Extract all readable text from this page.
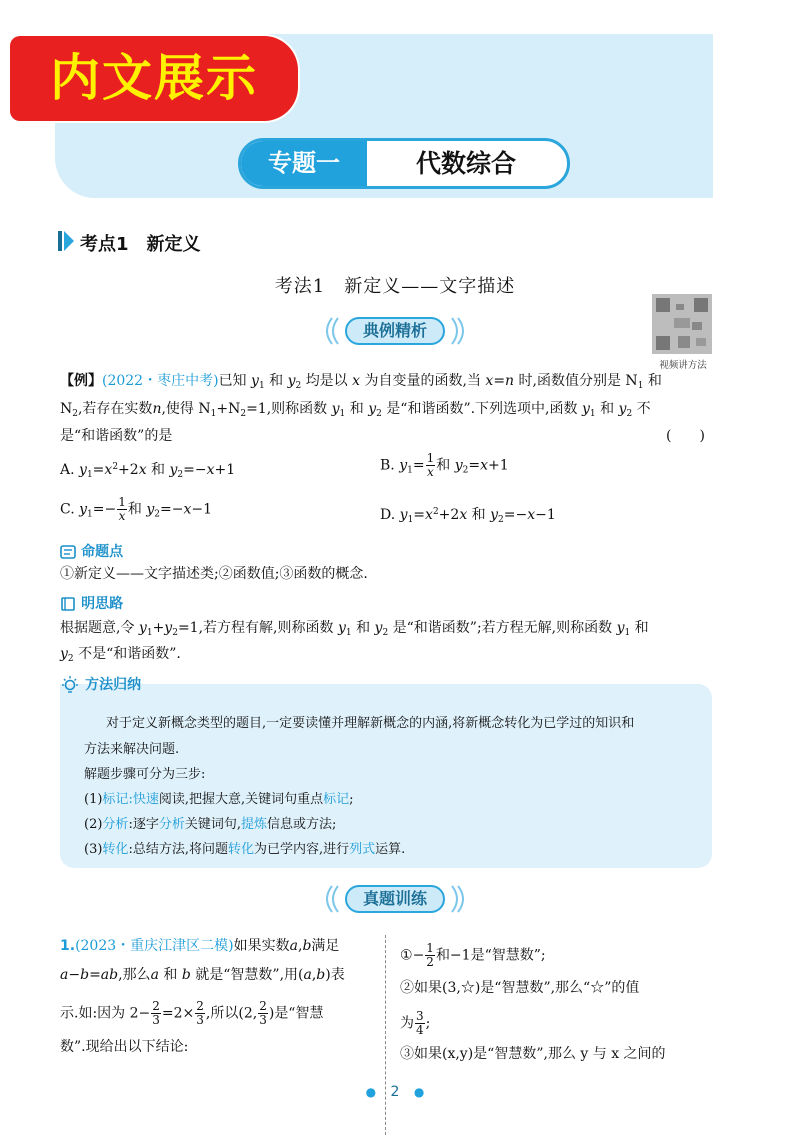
内文展示
专题一	代数综合
考点1　新定义
考法1　新定义——文字描述
视频讲方法
典例精析
【例】(2022・枣庄中考)已知 $y_1$ 和 $y_2$ 均是以 x 为自变量的函数,当 x=n 时,函数值分别是 $N_1$ 和
$N_2$,若存在实数n,使得 $N_1+N_2=1$,则称函数 $y_1$ 和 $y_2$ 是“和谐函数”.下列选项中,函数 $y_1$ 和 $y_2$ 不
是“和谐函数”的是	(　　)
A. $y_1=x^2+2x$ 和 $y_2=-x+1$	B. $y_1= \frac{1}{x}$ 和 $y_2=x+1$
C. $y_1=- \frac{1}{x}$ 和 $y_2=-x-1$	D. $y_1=x^2+2x$ 和 $y_2=-x-1$
命题点
①新定义——文字描述类;②函数值;③函数的概念.
明思路
根据题意,令 $y_1+y_2=1$,若方程有解,则称函数 $y_1$ 和 $y_2$ 是“和谐函数”;若方程无解,则称函数 $y_1$ 和
$y_2$ 不是“和谐函数”.
方法归纳
对于定义新概念类型的题目,一定要读懂并理解新概念的内涵,将新概念转化为已学过的知识和
方法来解决问题.
解题步骤可分为三步:
(1)标记:快速阅读,把握大意,关键词句重点标记;
(2)分析:逐字分析关键词句,提炼信息或方法;
(3)转化:总结方法,将问题转化为已学内容,进行列式运算.
真题训练
1.(2023・重庆江津区二模)如果实数a,b满足
a−b=ab,那么a 和 b 就是“智慧数”,用(a,b)表
示.如:因为 $2- \frac{2}{3} =2\times \frac{2}{3}$ ,所以(2, $\frac{2}{3}$ )是“智慧
数”.现给出以下结论:
①− $\frac{1}{2}$ 和−1是“智慧数”;
②如果(3,☆)是“智慧数”,那么“☆”的值
为 $\frac{3}{4}$ ;
③如果(x,y)是“智慧数”,那么 y 与 x 之间的
● 2 ●
